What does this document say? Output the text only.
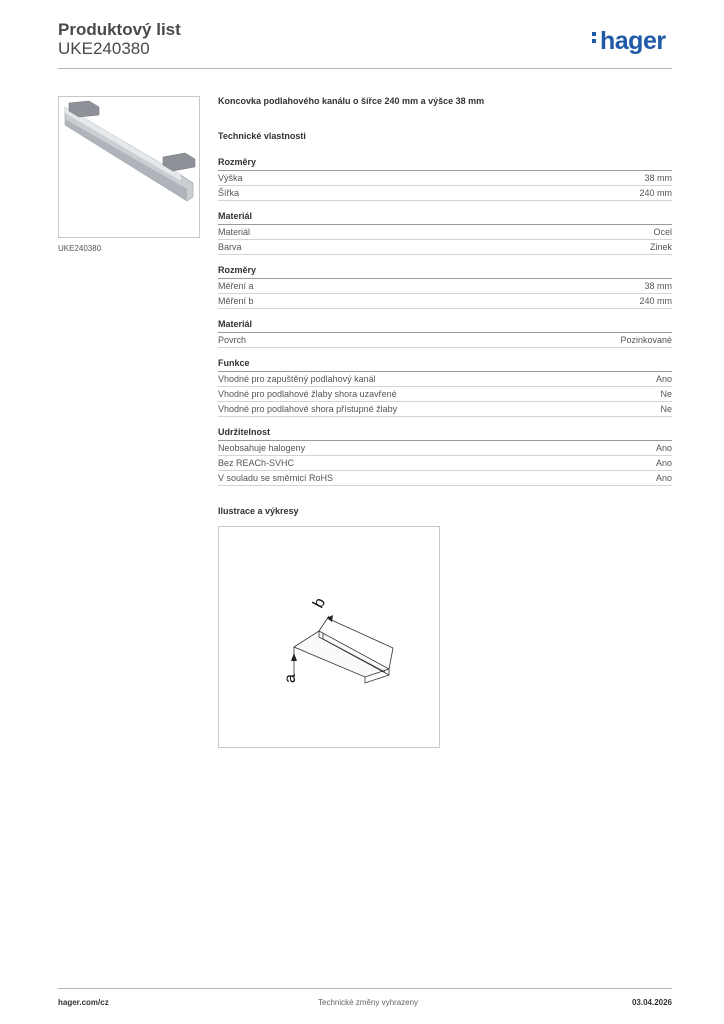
Produktový list
UKE240380	hager
UKE240380
Koncovka podlahového kanálu o šířce 240 mm a výšce 38 mm
Technické vlastnosti
Rozměry
Výška	38 mm
Šířka	240 mm
Materiál
Materiál	Ocel
Barva	Zinek
Rozměry
Měření a	38 mm
Měření b	240 mm
Materiál
Povrch	Pozinkované
Funkce
Vhodné pro zapuštěný podlahový kanál	Ano
Vhodné pro podlahové žlaby shora uzavřené	Ne
Vhodné pro podlahové shora přístupné žlaby	Ne
Udržitelnost
Neobsahuje halogeny	Ano
Bez REACh-SVHC	Ano
V souladu se směrnicí RoHS	Ano
Ilustrace a výkresy
b
a
hager.com/cz	Technické změny vyhrazeny	03.04.2026
